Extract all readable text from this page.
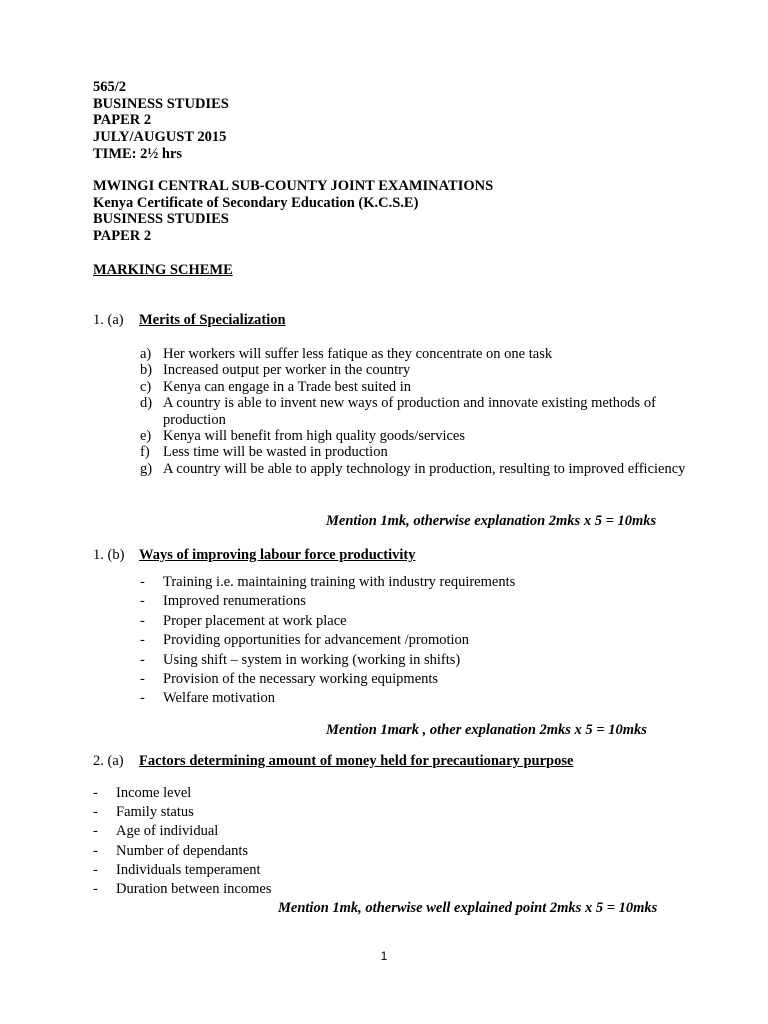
565/2
BUSINESS STUDIES
PAPER 2
JULY/AUGUST 2015
TIME: 2½ hrs
MWINGI CENTRAL SUB-COUNTY JOINT EXAMINATIONS
Kenya Certificate of Secondary Education (K.C.S.E)
BUSINESS STUDIES
PAPER 2
MARKING SCHEME
1. (a) Merits of Specialization
a) Her workers will suffer less fatique as they concentrate on one task
b) Increased output per worker in the country
c) Kenya can engage in a Trade best suited in
d) A country is able to invent new ways of production and innovate existing methods of production
e) Kenya will benefit from high quality goods/services
f) Less time will be wasted in production
g) A country will be able to apply technology in production, resulting to improved efficiency
Mention 1mk, otherwise explanation 2mks x 5 = 10mks
1. (b) Ways of improving labour force productivity
-	Training i.e. maintaining training with industry requirements
-	Improved renumerations
-	Proper placement at work place
-	Providing opportunities for advancement /promotion
-	Using shift – system in working (working in shifts)
-	Provision of the necessary working equipments
-	Welfare motivation
Mention 1mark , other explanation 2mks x 5 = 10mks
2. (a) Factors determining amount of money held for precautionary purpose
-	Income level
-	Family status
-	Age of individual
-	Number of dependants
-	Individuals temperament
-	Duration between incomes
Mention 1mk, otherwise well explained point 2mks x 5 = 10mks
1
